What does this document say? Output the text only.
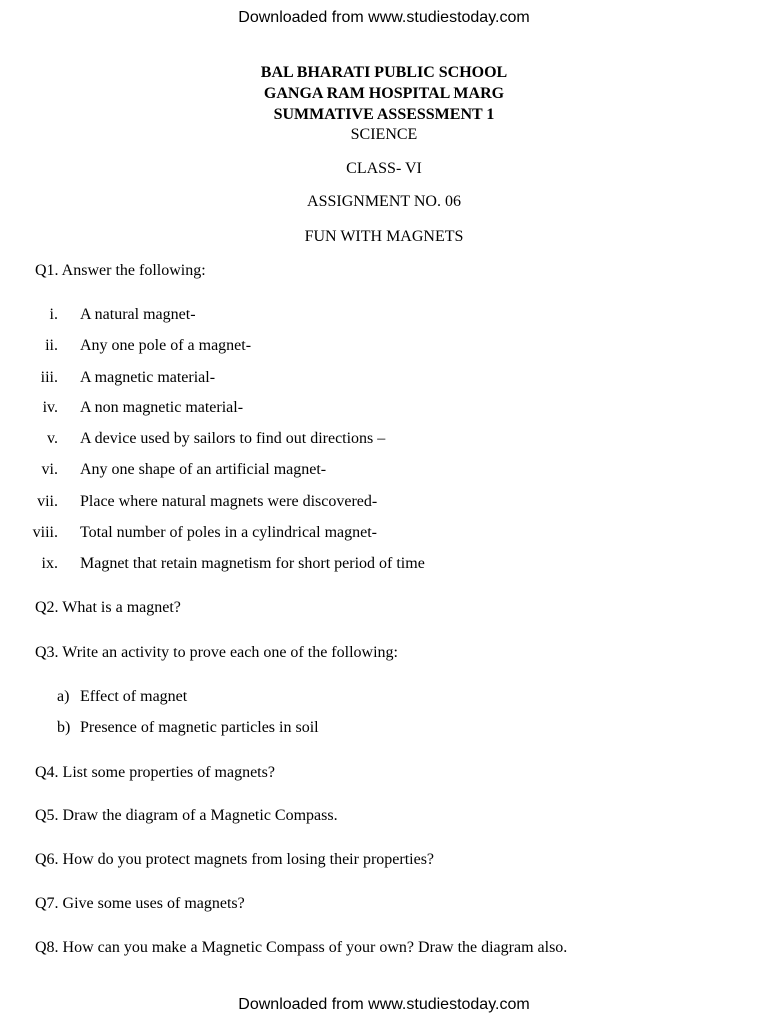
Downloaded from www.studiestoday.com
BAL BHARATI PUBLIC SCHOOL
GANGA RAM HOSPITAL MARG
SUMMATIVE ASSESSMENT 1
SCIENCE
CLASS- VI
ASSIGNMENT NO. 06
FUN WITH MAGNETS
Q1. Answer the following:
i. A natural magnet-
ii. Any one pole of a magnet-
iii. A magnetic material-
iv. A non magnetic material-
v. A device used by sailors to find out directions –
vi. Any one shape of an artificial magnet-
vii. Place where natural magnets were discovered-
viii. Total number of poles in a cylindrical magnet-
ix. Magnet that retain magnetism for short period of time
Q2. What is a magnet?
Q3. Write an activity to prove each one of the following:
a) Effect of magnet
b) Presence of magnetic particles in soil
Q4. List some properties of magnets?
Q5. Draw the diagram of a Magnetic Compass.
Q6. How do you protect magnets from losing their properties?
Q7. Give some uses of magnets?
Q8. How can you make a Magnetic Compass of your own? Draw the diagram also.
Downloaded from www.studiestoday.com
